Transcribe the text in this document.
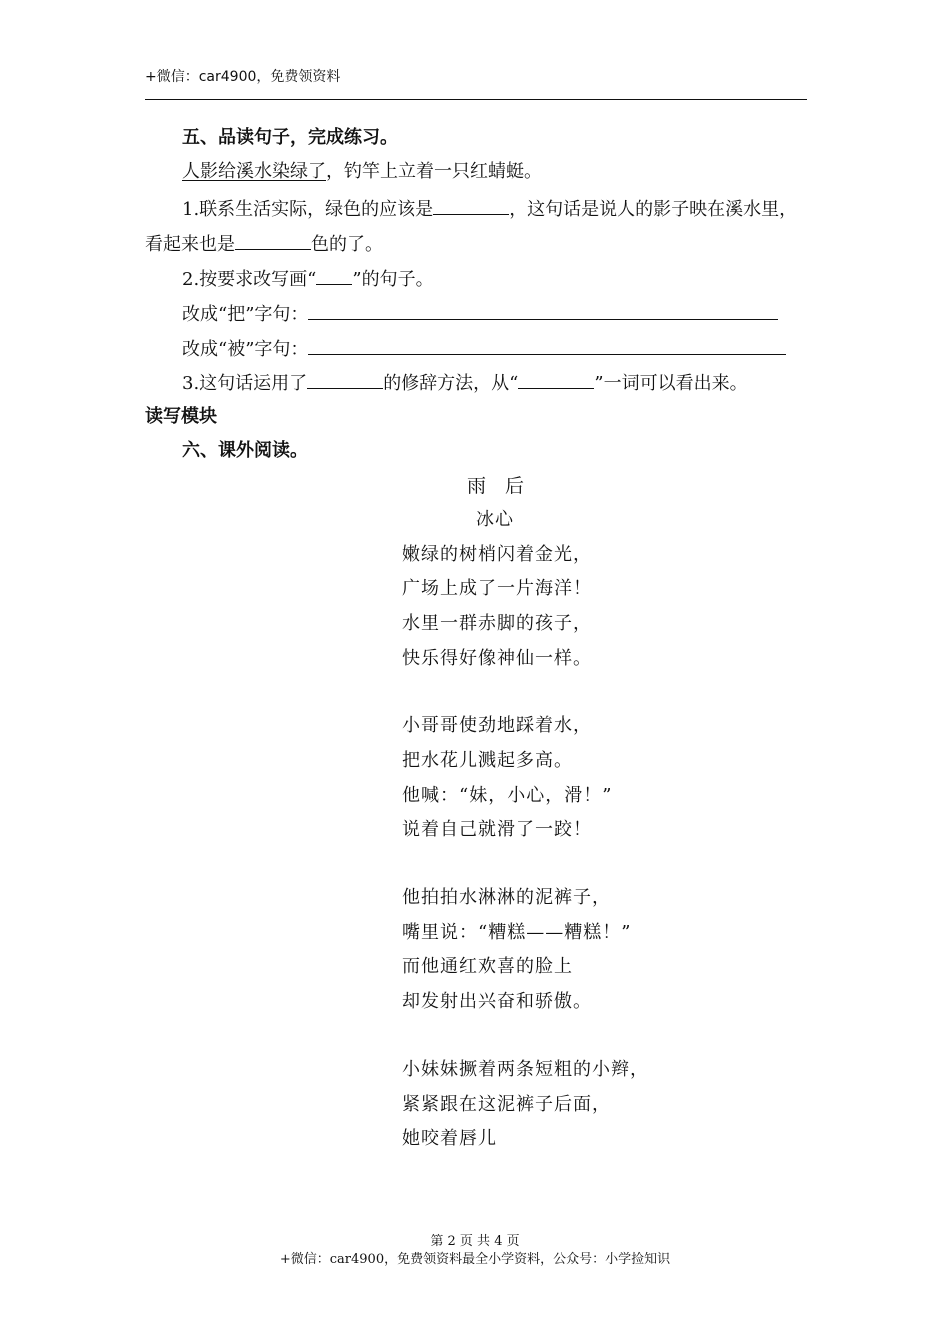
+微信：car4900，免费领资料
五、品读句子，完成练习。
人影给溪水染绿了，钓竿上立着一只红蜻蜓。
1.联系生活实际，绿色的应该是	，这句话是说人的影子映在溪水里，
看起来也是	色的了。
2.按要求改写画“ ”的句子。
改成“把”字句：
改成“被”字句：
3.这句话运用了	的修辞方法，从“	”一词可以看出来。
读写模块
六、课外阅读。
雨　后
冰心
嫩绿的树梢闪着金光，
广场上成了一片海洋！
水里一群赤脚的孩子，
快乐得好像神仙一样。
小哥哥使劲地踩着水，
把水花儿溅起多高。
他喊：“妹，小心，滑！”
说着自己就滑了一跤！
他拍拍水淋淋的泥裤子，
嘴里说：“糟糕——糟糕！”
而他通红欢喜的脸上
却发射出兴奋和骄傲。
小妹妹撅着两条短粗的小辫，
紧紧跟在这泥裤子后面，
她咬着唇儿
第 2 页 共 4 页
+微信：car4900，免费领资料最全小学资料，公众号：小学捡知识
